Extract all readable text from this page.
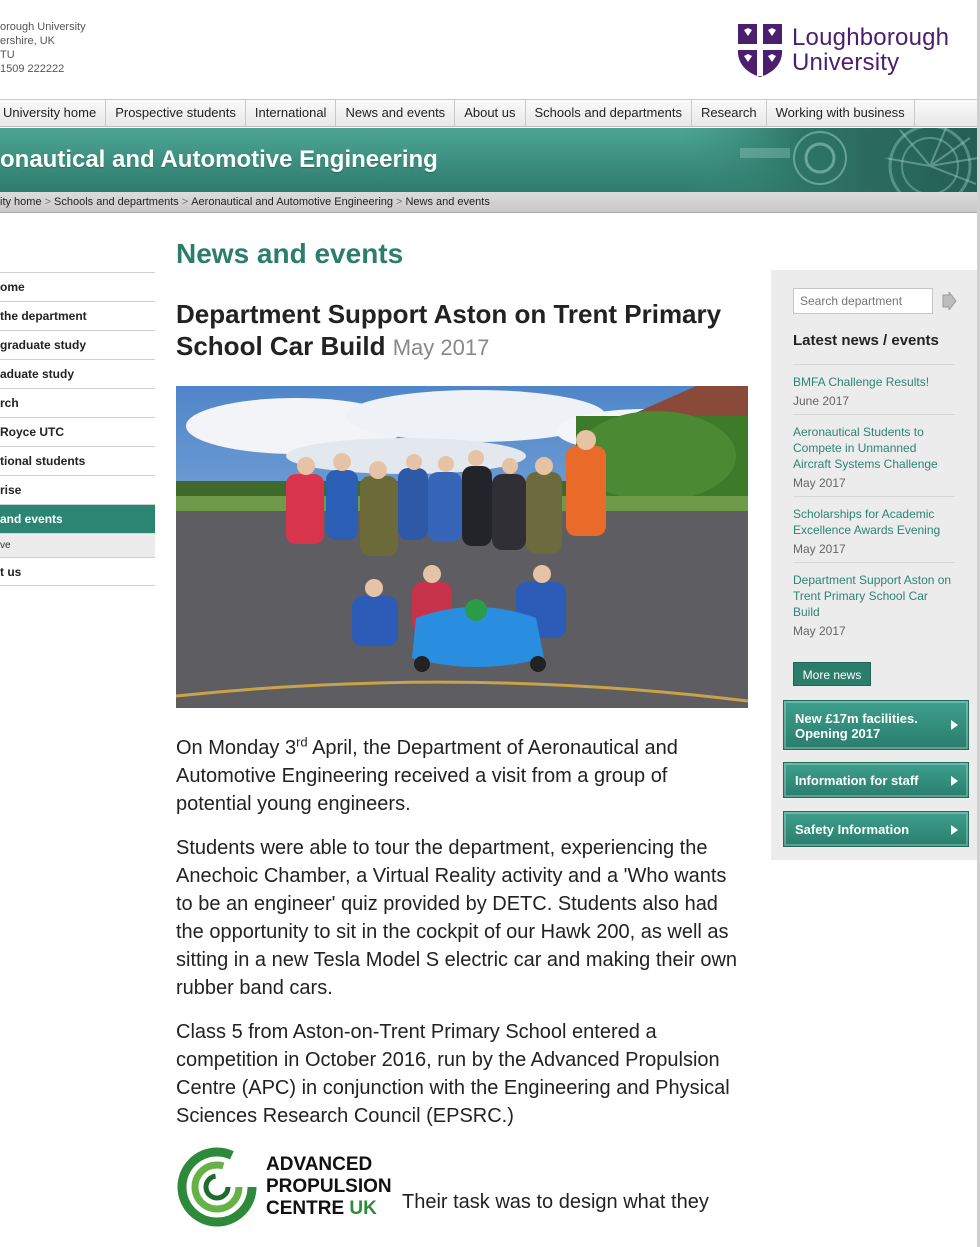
orough University
ershire, UK
TU
1509 222222
Loughborough
University
University home	Prospective students	International	News and events	About us	Schools and departments	Research	Working with business
onautical and Automotive Engineering
ity home > Schools and departments > Aeronautical and Automotive Engineering > News and events
ome
the department
graduate study
aduate study
rch
Royce UTC
tional students
rise
and events
ve
t us
News and events
Department Support Aston on Trent Primary School Car Build May 2017

On Monday 3rd April, the Department of Aeronautical and Automotive Engineering received a visit from a group of potential young engineers.

Students were able to tour the department, experiencing the Anechoic Chamber, a Virtual Reality activity and a 'Who wants to be an engineer' quiz provided by DETC. Students also had the opportunity to sit in the cockpit of our Hawk 200, as well as sitting in a new Tesla Model S electric car and making their own rubber band cars.

Class 5 from Aston-on-Trent Primary School entered a competition in October 2016, run by the Advanced Propulsion Centre (APC) in conjunction with the Engineering and Physical Sciences Research Council (EPSRC.)

ADVANCED
PROPULSION
CENTRE UK	Their task was to design what they
Search department
Latest news / events
BMFA Challenge Results!
June 2017
Aeronautical Students to Compete in Unmanned Aircraft Systems Challenge
May 2017
Scholarships for Academic Excellence Awards Evening
May 2017
Department Support Aston on Trent Primary School Car Build
May 2017
More news
New £17m facilities. Opening 2017
Information for staff
Safety Information
